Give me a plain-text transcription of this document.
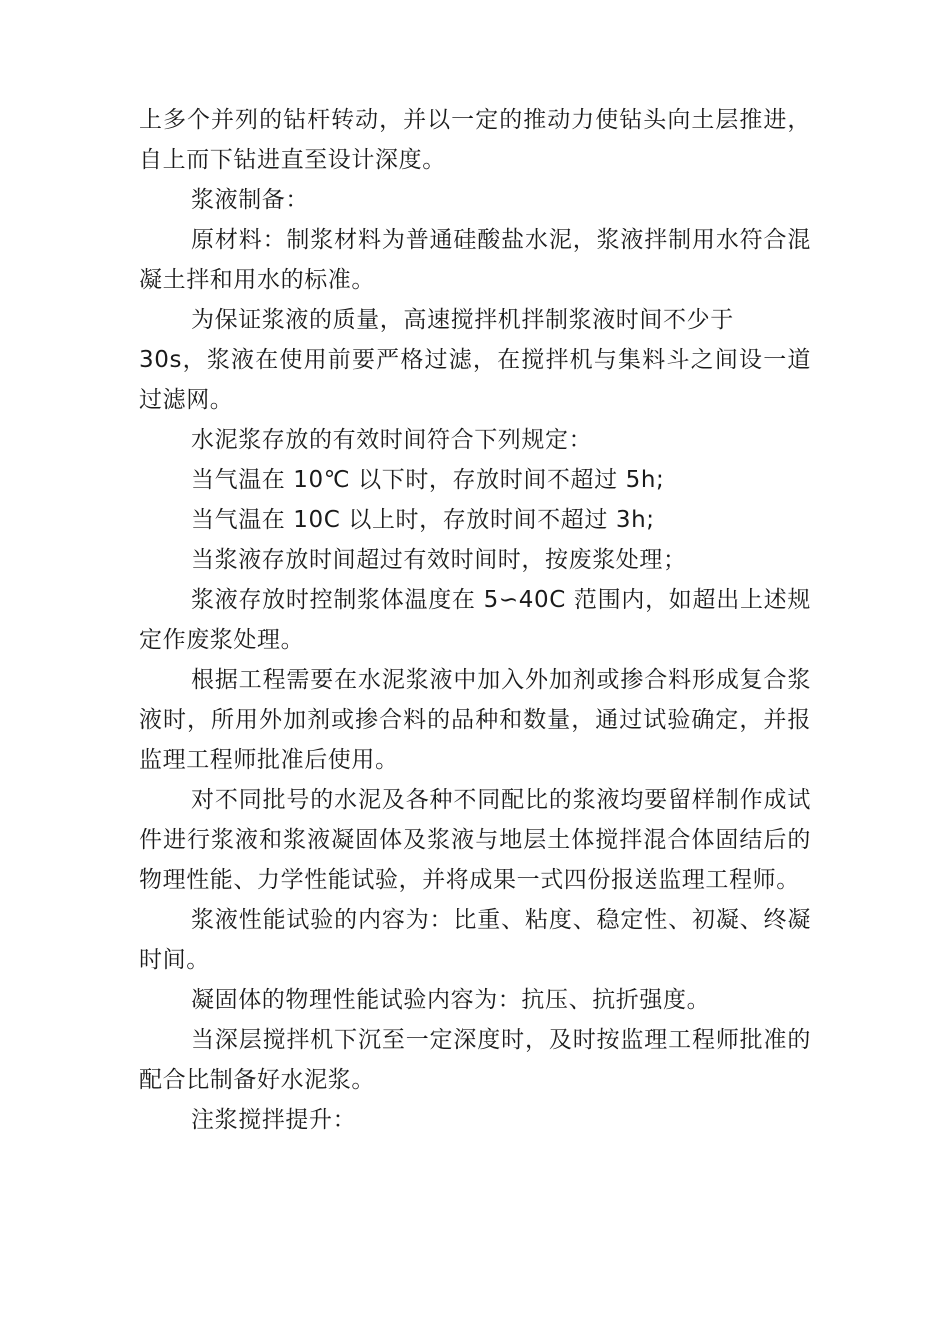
上多个并列的钻杆转动，并以一定的推动力使钻头向土层推进，自上而下钻进直至设计深度。

浆液制备：

原材料：制浆材料为普通硅酸盐水泥，浆液拌制用水符合混凝土拌和用水的标准。

为保证浆液的质量，高速搅拌机拌制浆液时间不少于

30s，浆液在使用前要严格过滤，在搅拌机与集料斗之间设一道过滤网。

水泥浆存放的有效时间符合下列规定：

当气温在 10℃ 以下时，存放时间不超过 5h;

当气温在 10C 以上时，存放时间不超过 3h;

当浆液存放时间超过有效时间时，按废浆处理；

浆液存放时控制浆体温度在 5∽40C 范围内，如超出上述规定作废浆处理。

根据工程需要在水泥浆液中加入外加剂或掺合料形成复合浆液时，所用外加剂或掺合料的品种和数量，通过试验确定，并报监理工程师批准后使用。

对不同批号的水泥及各种不同配比的浆液均要留样制作成试件进行浆液和浆液凝固体及浆液与地层土体搅拌混合体固结后的物理性能、力学性能试验，并将成果一式四份报送监理工程师。

浆液性能试验的内容为：比重、粘度、稳定性、初凝、终凝时间。

凝固体的物理性能试验内容为：抗压、抗折强度。

当深层搅拌机下沉至一定深度时，及时按监理工程师批准的配合比制备好水泥浆。

注浆搅拌提升：
